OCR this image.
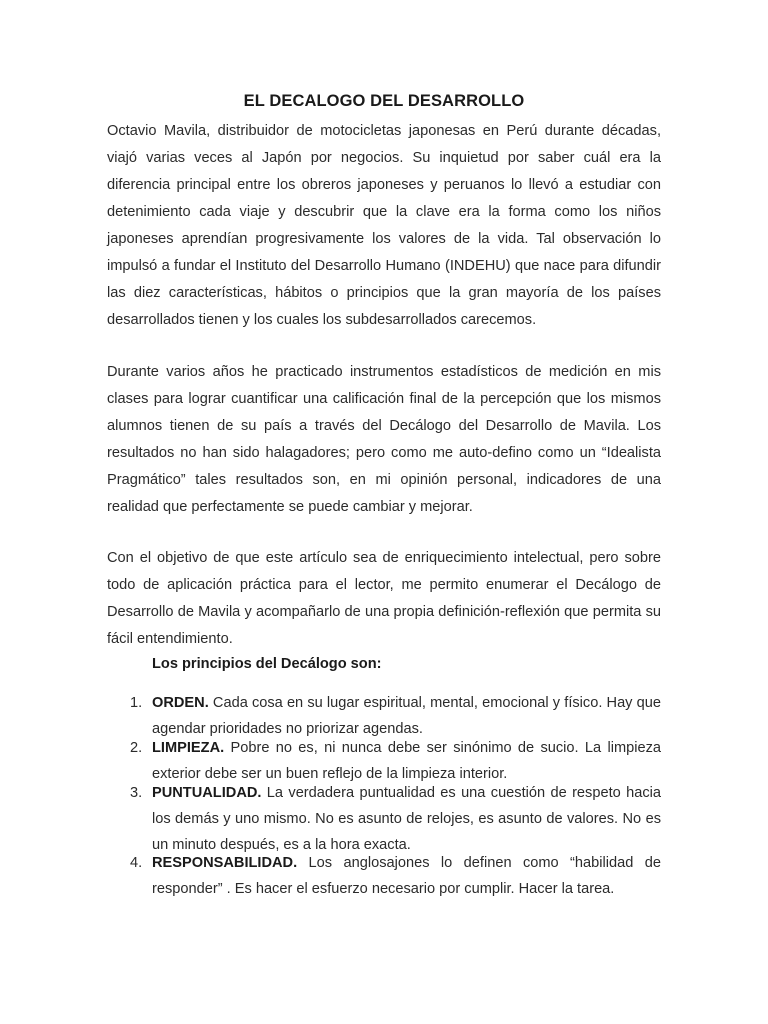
EL DECALOGO DEL DESARROLLO

Octavio Mavila, distribuidor de motocicletas japonesas en Perú durante décadas, viajó varias veces al Japón por negocios. Su inquietud por saber cuál era la diferencia principal entre los obreros japoneses y peruanos lo llevó a estudiar con detenimiento cada viaje y descubrir que la clave era la forma como los niños japoneses aprendían progresivamente los valores de la vida. Tal observación lo impulsó a fundar el Instituto del Desarrollo Humano (INDEHU) que nace para difundir las diez características, hábitos o principios que la gran mayoría de los países desarrollados tienen y los cuales los subdesarrollados carecemos.

Durante varios años he practicado instrumentos estadísticos de medición en mis clases para lograr cuantificar una calificación final de la percepción que los mismos alumnos tienen de su país a través del Decálogo del Desarrollo de Mavila. Los resultados no han sido halagadores; pero como me auto-defino como un “Idealista Pragmático” tales resultados son, en mi opinión personal, indicadores de una realidad que perfectamente se puede cambiar y mejorar.

Con el objetivo de que este artículo sea de enriquecimiento intelectual, pero sobre todo de aplicación práctica para el lector, me permito enumerar el Decálogo de Desarrollo de Mavila y acompañarlo de una propia definición-reflexión que permita su fácil entendimiento.

Los principios del Decálogo son:
1. ORDEN. Cada cosa en su lugar espiritual, mental, emocional y físico. Hay que agendar prioridades no priorizar agendas.

2. LIMPIEZA. Pobre no es, ni nunca debe ser sinónimo de sucio. La limpieza exterior debe ser un buen reflejo de la limpieza interior.

3. PUNTUALIDAD. La verdadera puntualidad es una cuestión de respeto hacia los demás y uno mismo. No es asunto de relojes, es asunto de valores. No es un minuto después, es a la hora exacta.

4. RESPONSABILIDAD. Los anglosajones lo definen como “habilidad de responder” . Es hacer el esfuerzo necesario por cumplir. Hacer la tarea.
